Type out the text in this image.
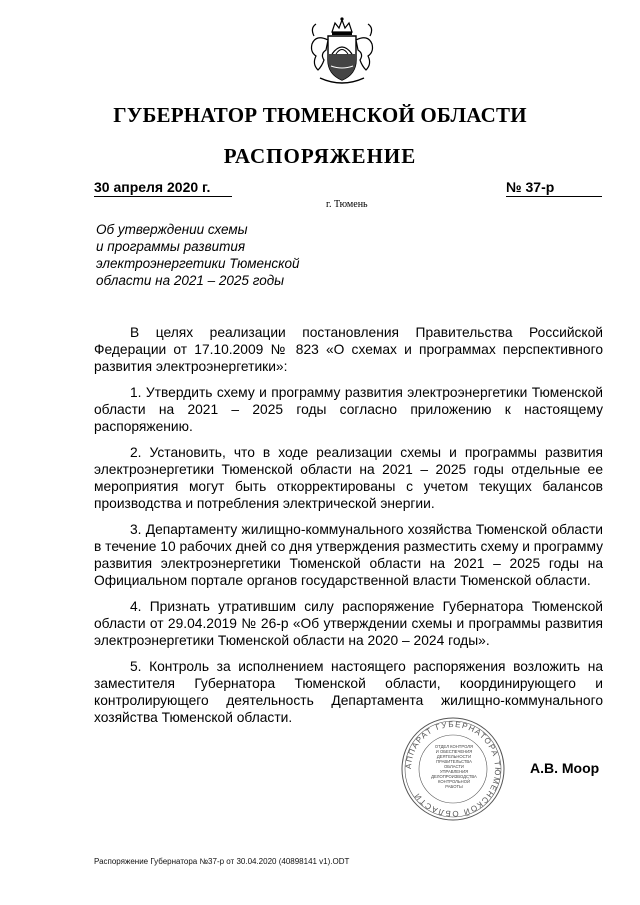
ГУБЕРНАТОР ТЮМЕНСКОЙ ОБЛАСТИ
РАСПОРЯЖЕНИЕ
30 апреля 2020 г.
г. Тюмень
№ 37-р
Об утверждении схемы
и программы развития
электроэнергетики Тюменской
области на 2021 – 2025 годы

В целях реализации постановления Правительства Российской Федерации от 17.10.2009 № 823 «О схемах и программах перспективного развития электроэнергетики»:

1. Утвердить схему и программу развития электроэнергетики Тюменской области на 2021 – 2025 годы согласно приложению к настоящему распоряжению.

2. Установить, что в ходе реализации схемы и программы развития электроэнергетики Тюменской области на 2021 – 2025 годы отдельные ее мероприятия могут быть откорректированы с учетом текущих балансов производства и потребления электрической энергии.

3. Департаменту жилищно-коммунального хозяйства Тюменской области в течение 10 рабочих дней со дня утверждения разместить схему и программу развития электроэнергетики Тюменской области на 2021 – 2025 годы на Официальном портале органов государственной власти Тюменской области.

4. Признать утратившим силу распоряжение Губернатора Тюменской области от 29.04.2019 № 26-р «Об утверждении схемы и программы развития электроэнергетики Тюменской области на 2020 – 2024 годы».

5. Контроль за исполнением настоящего распоряжения возложить на заместителя Губернатора Тюменской области, координирующего и контролирующего деятельность Департамента жилищно-коммунального хозяйства Тюменской области.

АППАРАТ ГУБЕРНАТОРА ТЮМЕНСКОЙ ОБЛАСТИ
ОТДЕЛ КОНТРОЛЯ
И ОБЕСПЕЧЕНИЯ
ДЕЯТЕЛЬНОСТИ
ПРАВИТЕЛЬСТВА ОБЛАСТИ
УПРАВЛЕНИЯ
ДЕЛОПРОИЗВОДСТВА
КОНТРОЛЬНОЙ
РАБОТЫ
А.В. Моор
Распоряжение Губернатора №37-р от 30.04.2020 (40898141 v1).ODT
